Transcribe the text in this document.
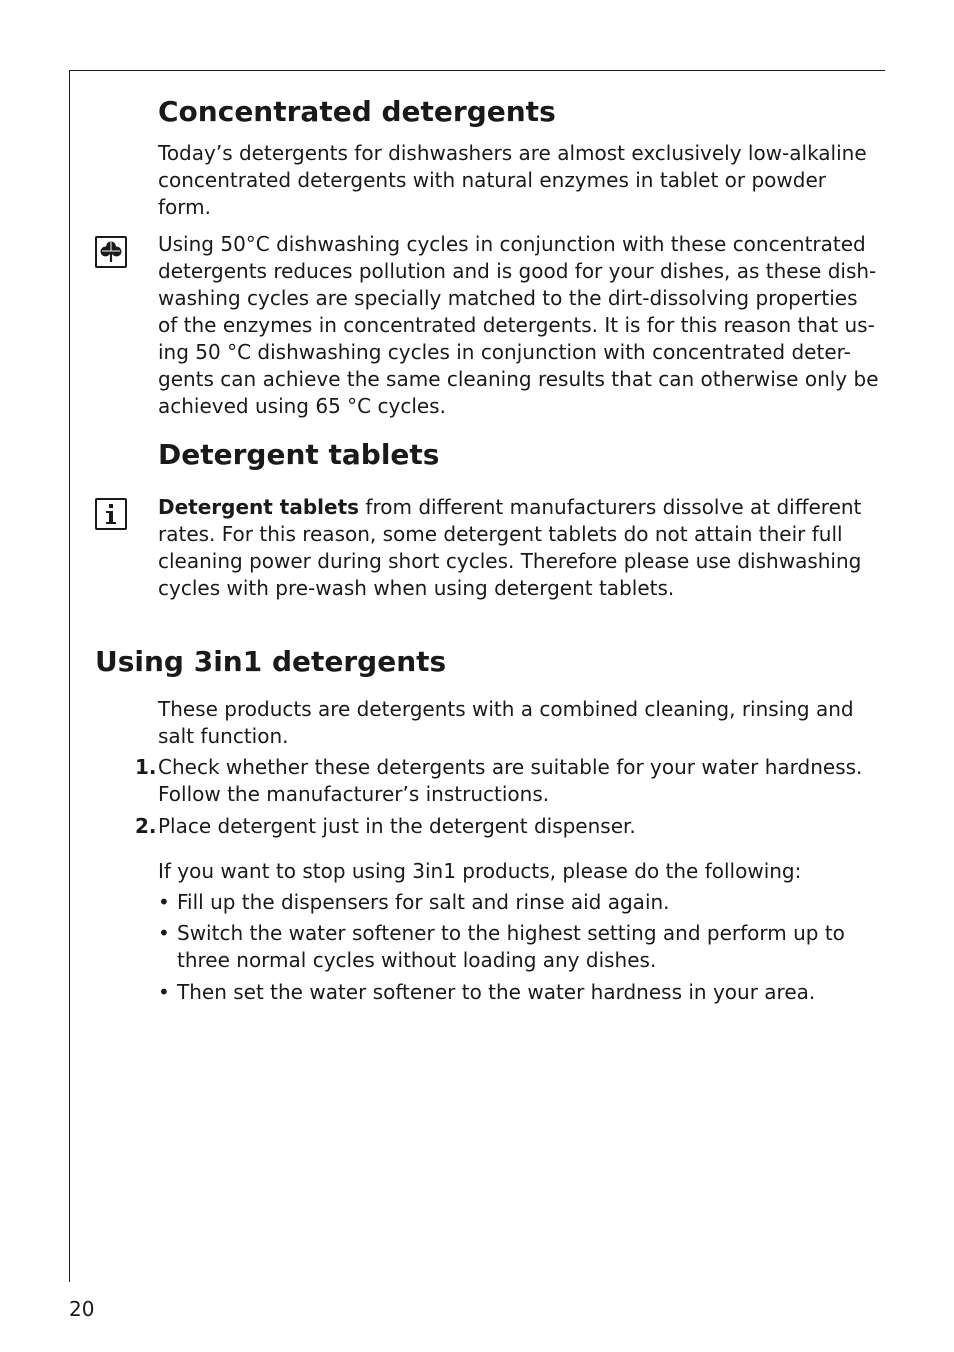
Concentrated detergents

Today’s detergents for dishwashers are almost exclusively low-alkaline
concentrated detergents with natural enzymes in tablet or powder
form.

Using 50°C dishwashing cycles in conjunction with these concentrated
detergents reduces pollution and is good for your dishes, as these dish-
washing cycles are specially matched to the dirt-dissolving properties
of the enzymes in concentrated detergents. It is for this reason that us-
ing 50 °C dishwashing cycles in conjunction with concentrated deter-
gents can achieve the same cleaning results that can otherwise only be
achieved using 65 °C cycles.

Detergent tablets

Detergent tablets from different manufacturers dissolve at different
rates. For this reason, some detergent tablets do not attain their full
cleaning power during short cycles. Therefore please use dishwashing
cycles with pre-wash when using detergent tablets.

Using 3in1 detergents

These products are detergents with a combined cleaning, rinsing and
salt function.

1. Check whether these detergents are suitable for your water hardness.
Follow the manufacturer’s instructions.

2. Place detergent just in the detergent dispenser.

If you want to stop using 3in1 products, please do the following:

• Fill up the dispensers for salt and rinse aid again.

• Switch the water softener to the highest setting and perform up to
three normal cycles without loading any dishes.

• Then set the water softener to the water hardness in your area.

20
